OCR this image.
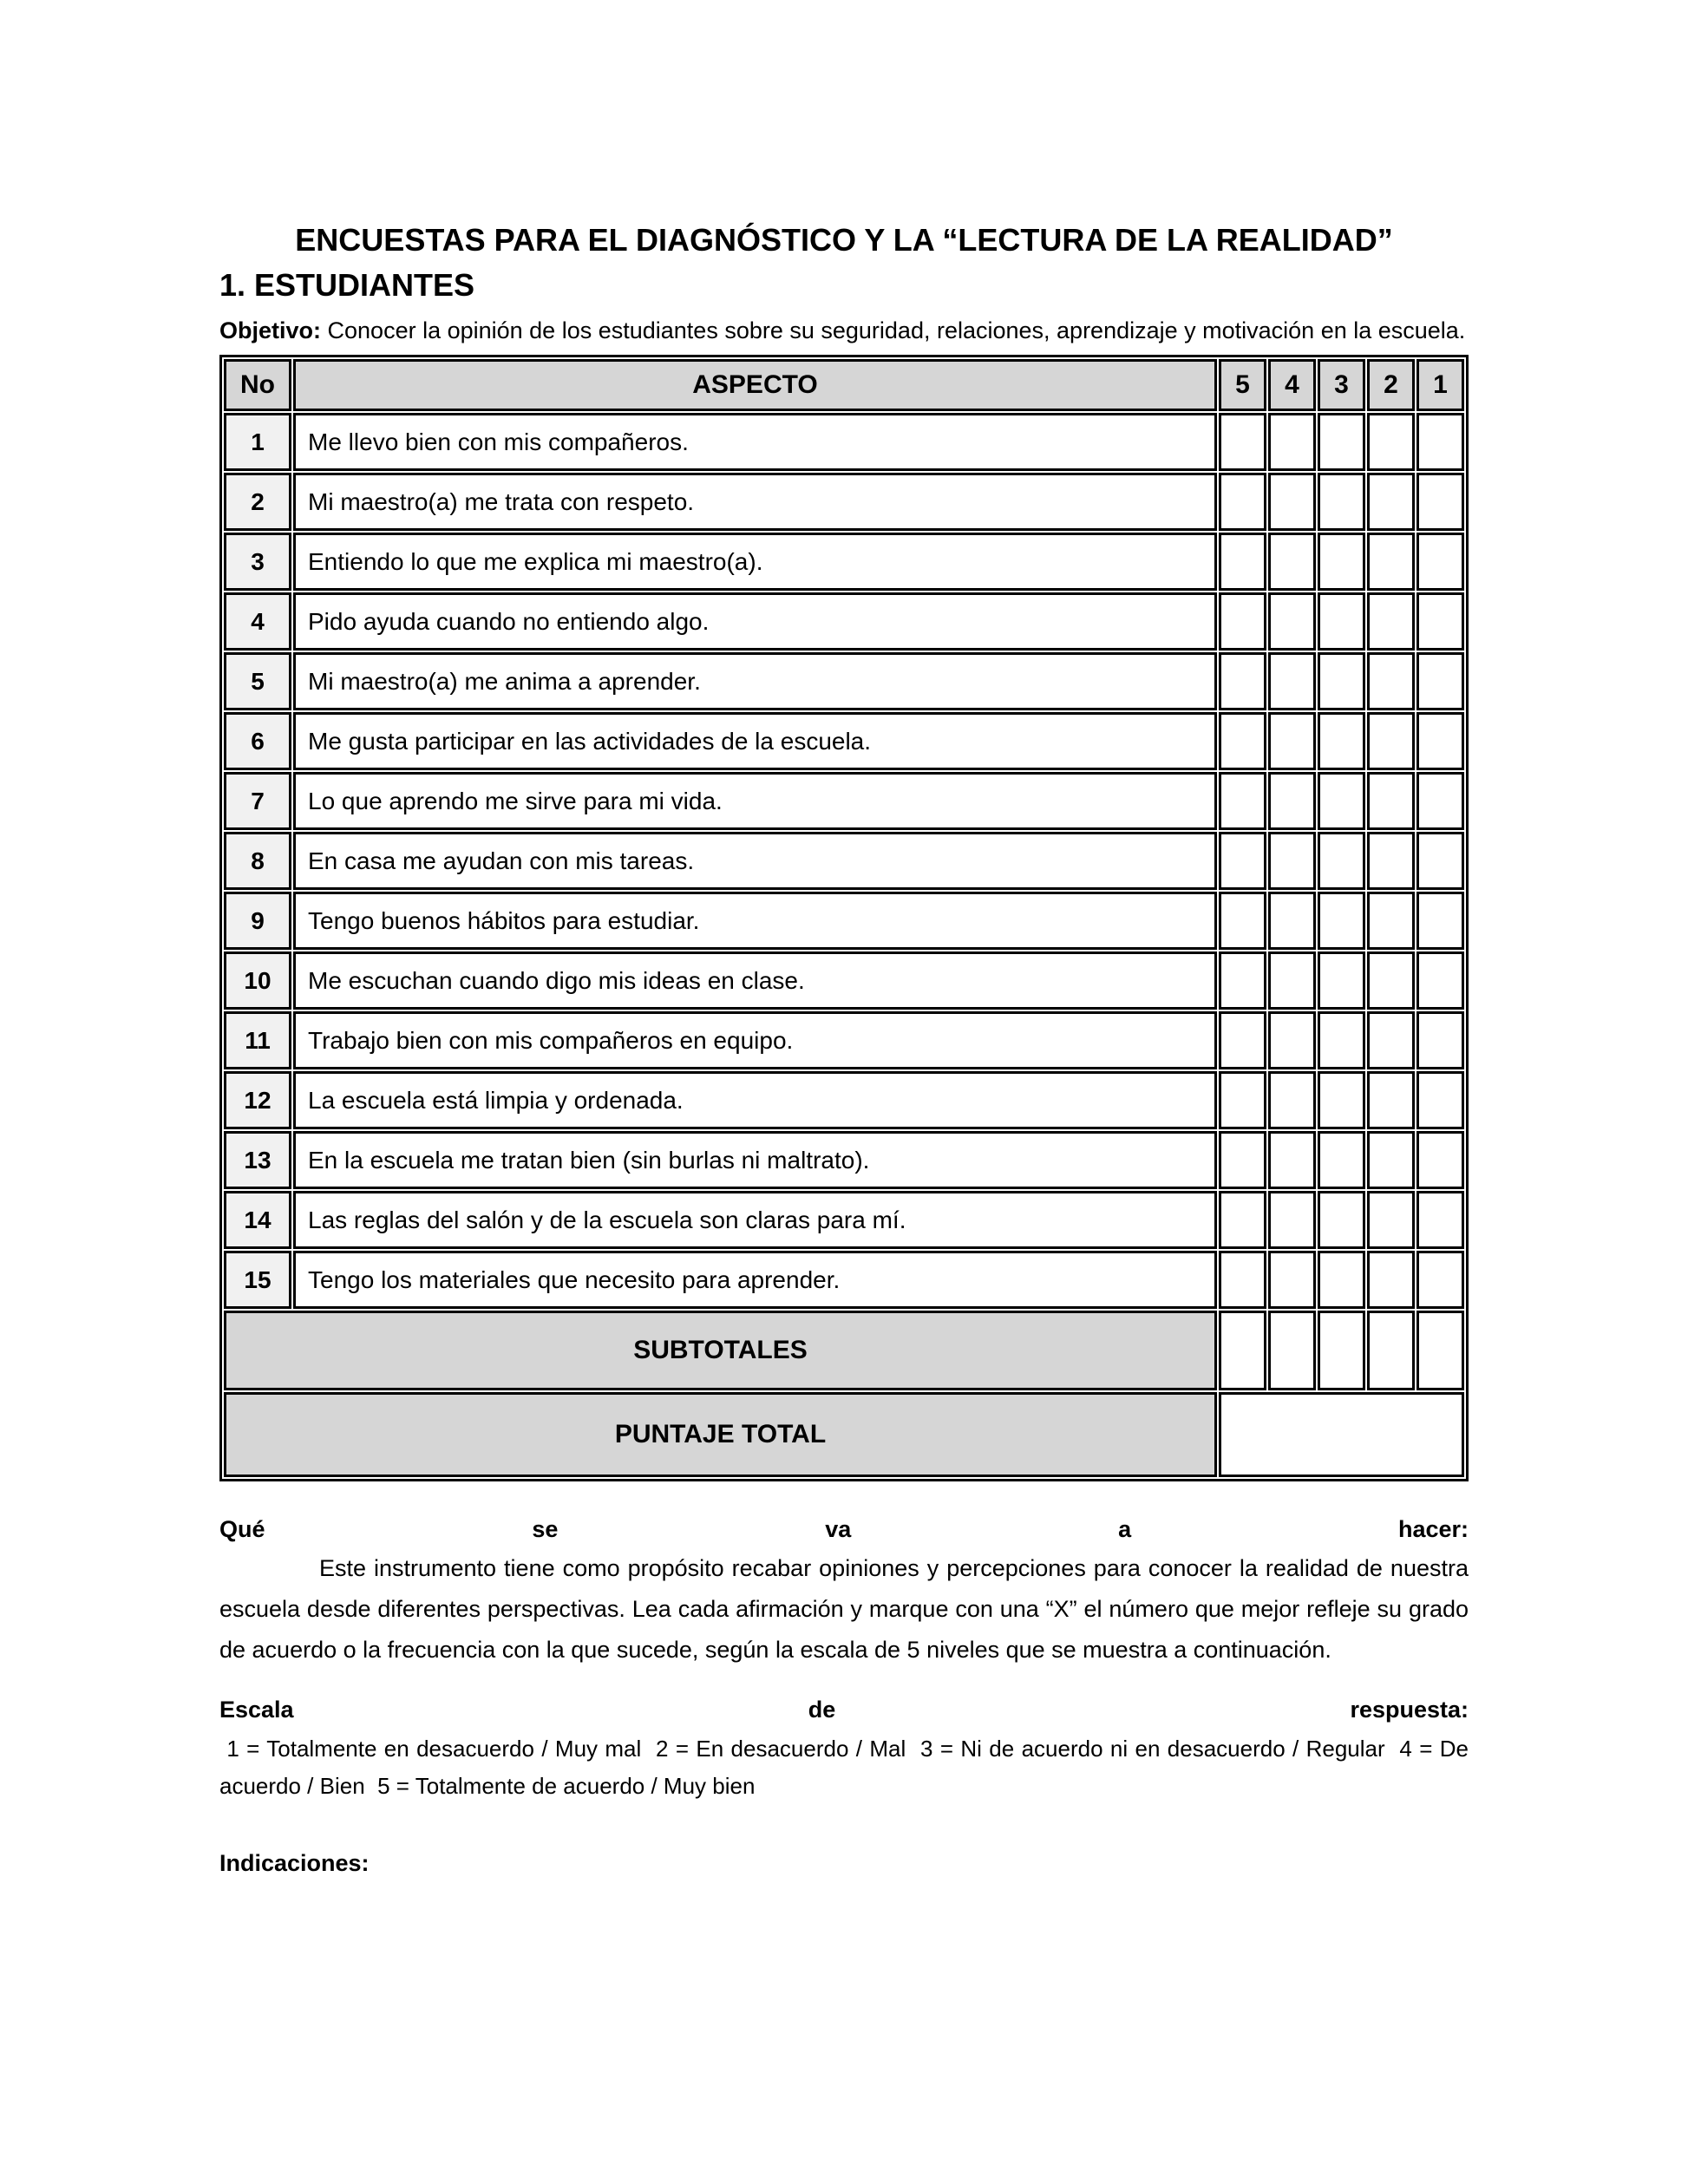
ENCUESTAS PARA EL DIAGNÓSTICO Y LA “LECTURA DE LA REALIDAD”
1. ESTUDIANTES
Objetivo: Conocer la opinión de los estudiantes sobre su seguridad, relaciones, aprendizaje y motivación en la escuela.
No	ASPECTO	5	4	3	2	1
1	Me llevo bien con mis compañeros.					
2	Mi maestro(a) me trata con respeto.					
3	Entiendo lo que me explica mi maestro(a).					
4	Pido ayuda cuando no entiendo algo.					
5	Mi maestro(a) me anima a aprender.					
6	Me gusta participar en las actividades de la escuela.					
7	Lo que aprendo me sirve para mi vida.					
8	En casa me ayudan con mis tareas.					
9	Tengo buenos hábitos para estudiar.					
10	Me escuchan cuando digo mis ideas en clase.					
11	Trabajo bien con mis compañeros en equipo.					
12	La escuela está limpia y ordenada.					
13	En la escuela me tratan bien (sin burlas ni maltrato).					
14	Las reglas del salón y de la escuela son claras para mí.					
15	Tengo los materiales que necesito para aprender.					
SUBTOTALES						
PUNTAJE TOTAL						
Qué	se	va	a	hacer:
Este instrumento tiene como propósito recabar opiniones y percepciones para conocer la realidad de nuestra escuela desde diferentes perspectivas. Lea cada afirmación y marque con una “X” el número que mejor refleje su grado de acuerdo o la frecuencia con la que sucede, según la escala de 5 niveles que se muestra a continuación.
Escala	de	respuesta:
1 = Totalmente en desacuerdo / Muy mal  2 = En desacuerdo / Mal  3 = Ni de acuerdo ni en desacuerdo / Regular  4 = De acuerdo / Bien  5 = Totalmente de acuerdo / Muy bien
Indicaciones:
